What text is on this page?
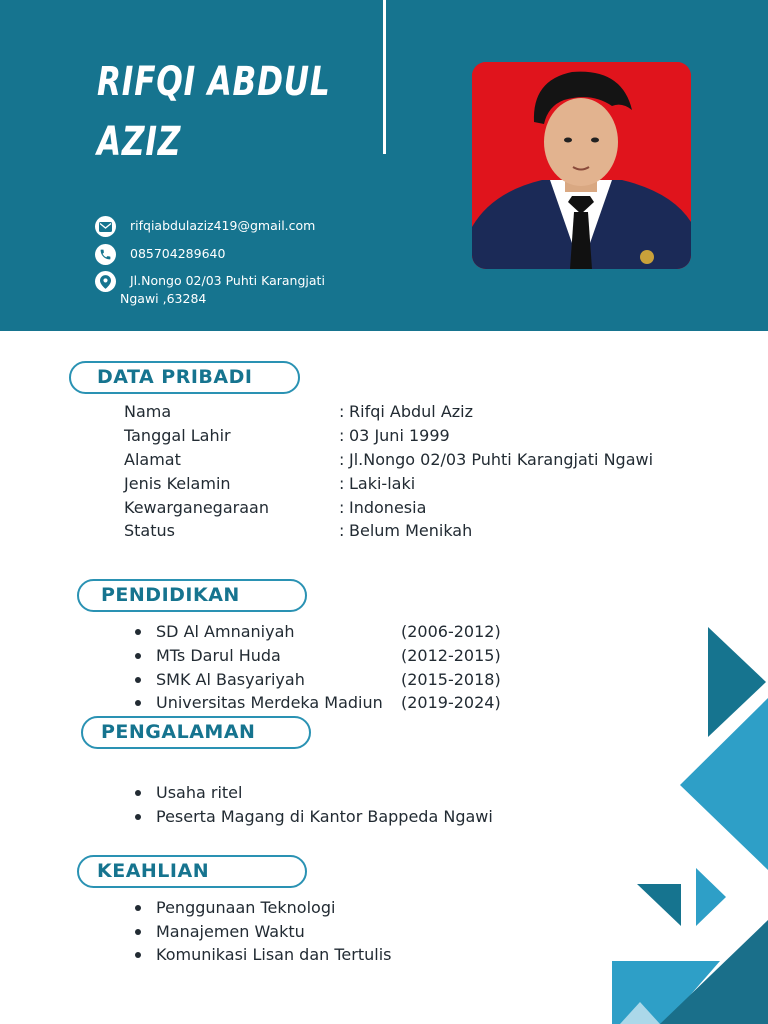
RIFQI ABDUL
AZIZ
rifqiabdulaziz419@gmail.com
085704289640
Jl.Nongo 02/03 Puhti Karangjati
Ngawi ,63284
DATA PRIBADI
PENDIDIKAN
PENGALAMAN
KEAHLIAN
Nama	: Rifqi Abdul Aziz
Tanggal Lahir	: 03 Juni 1999
Alamat	: Jl.Nongo 02/03 Puhti Karangjati Ngawi
Jenis Kelamin	: Laki-laki
Kewarganegaraan	: Indonesia
Status	: Belum Menikah
SD Al Amnaniyah	(2006-2012)
MTs Darul Huda	(2012-2015)
SMK Al Basyariyah	(2015-2018)
Universitas Merdeka Madiun (2019-2024)
Usaha ritel
Peserta Magang di Kantor Bappeda Ngawi
Penggunaan Teknologi
Manajemen Waktu
Komunikasi Lisan dan Tertulis
